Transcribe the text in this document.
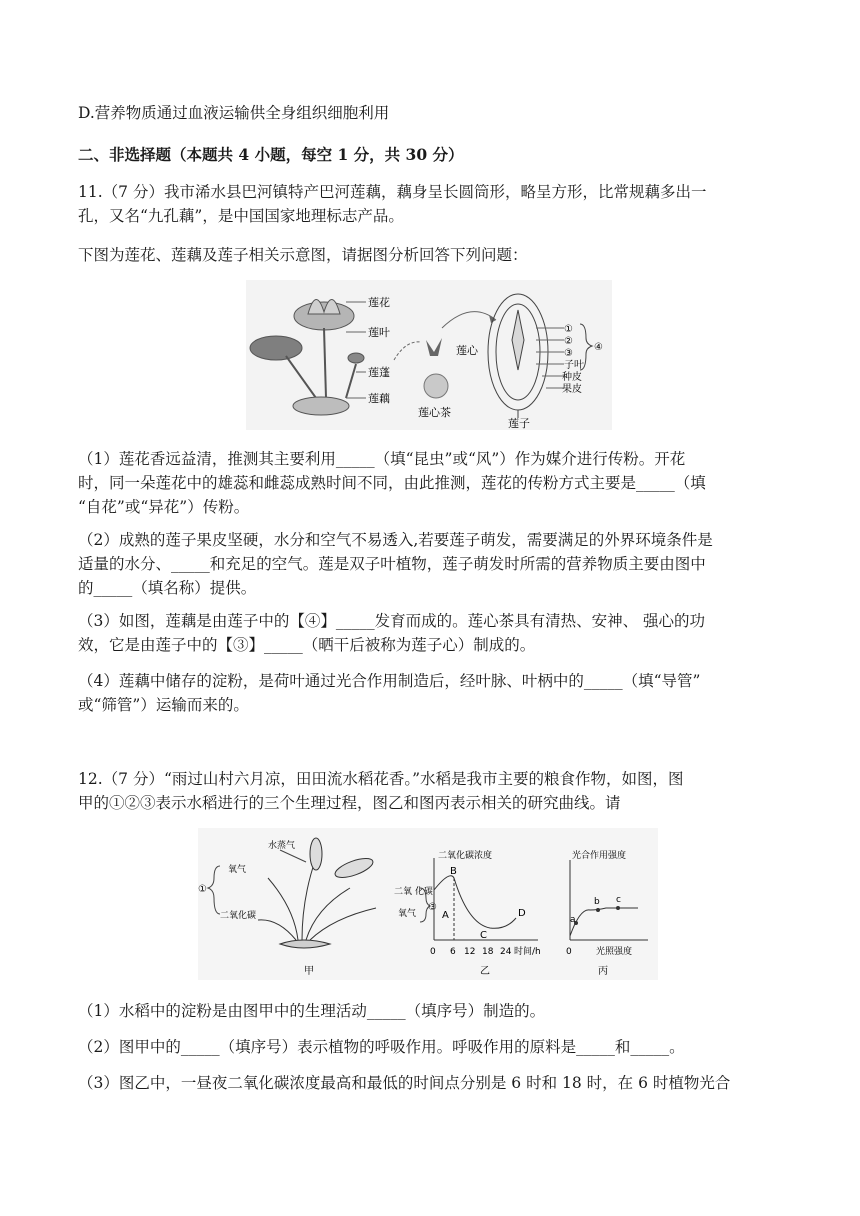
D.营养物质通过血液运输供全身组织细胞利用
二、非选择题（本题共 4 小题，每空 1 分，共 30 分）
11.（7 分）我市浠水县巴河镇特产巴河莲藕，藕身呈长圆筒形，略呈方形，比常规藕多出一
孔，又名“九孔藕”，是中国国家地理标志产品。
下图为莲花、莲藕及莲子相关示意图，请据图分析回答下列问题：
莲花
莲叶
莲蓬
莲藕
莲心
莲心茶
①
②
③
子叶
种皮
果皮
④
莲子
（1）莲花香远益清，推测其主要利用_____（填“昆虫”或“风”）作为媒介进行传粉。开花
时，同一朵莲花中的雄蕊和雌蕊成熟时间不同，由此推测，莲花的传粉方式主要是_____（填
“自花”或“异花”）传粉。
（2）成熟的莲子果皮坚硬，水分和空气不易透入,若要莲子萌发，需要满足的外界环境条件是
适量的水分、_____和充足的空气。莲是双子叶植物，莲子萌发时所需的营养物质主要由图中
的_____（填名称）提供。
（3）如图，莲藕是由莲子中的【④】_____发育而成的。莲心茶具有清热、安神、 强心的功
效，它是由莲子中的【③】_____（晒干后被称为莲子心）制成的。
（4）莲藕中储存的淀粉，是荷叶通过光合作用制造后，经叶脉、叶柄中的_____（填“导管”
或“筛管”）运输而来的。
12.（7 分）“雨过山村六月凉，田田流水稻花香。”水稻是我市主要的粮食作物，如图，图
甲的①②③表示水稻进行的三个生理过程，图乙和图丙表示相关的研究曲线。请
水蒸气
氧气
二氧化碳
①	二氧 化碳
氧气
③
甲
二氧化碳浓度
A
B
C
D
0 6 12 18 24 时间/h
乙
光合作用强度
a
b c
0	光照强度
丙
（1）水稻中的淀粉是由图甲中的生理活动_____（填序号）制造的。
（2）图甲中的_____（填序号）表示植物的呼吸作用。呼吸作用的原料是_____和_____。
（3）图乙中，一昼夜二氧化碳浓度最高和最低的时间点分别是 6 时和 18 时，在 6 时植物光合
